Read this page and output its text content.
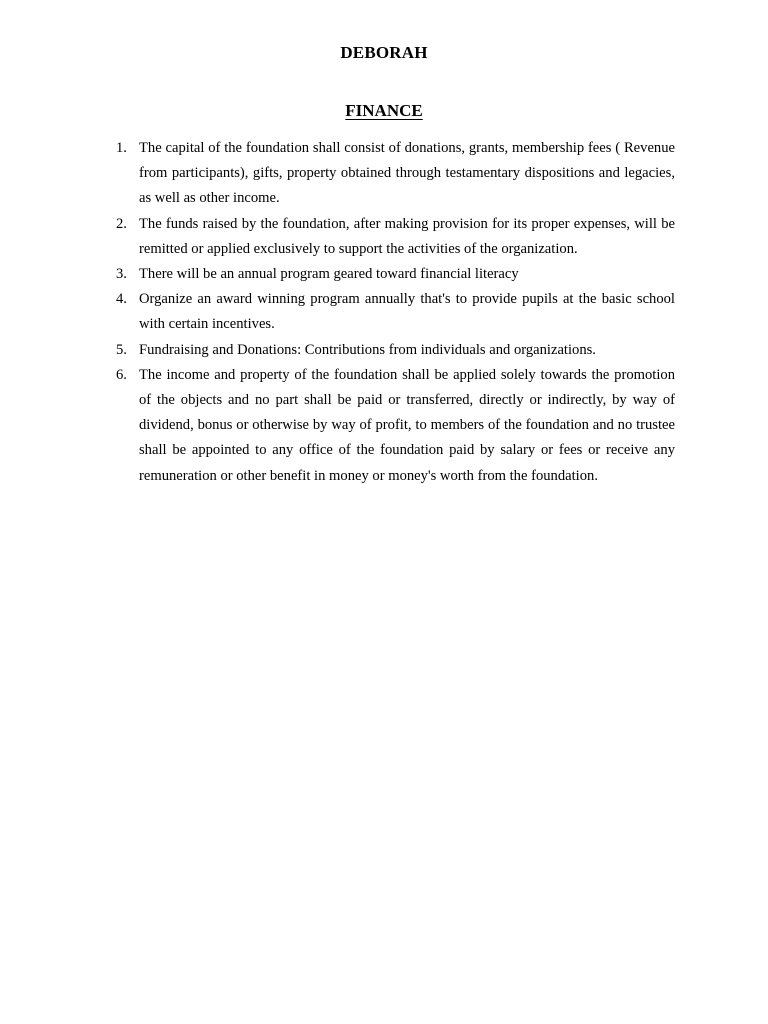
DEBORAH
FINANCE
1. The capital of the foundation shall consist of donations, grants, membership fees ( Revenue from participants), gifts, property obtained through testamentary dispositions and legacies, as well as other income.
2. The funds raised by the foundation, after making provision for its proper expenses, will be remitted or applied exclusively to support the activities of the organization.
3. There will be an annual program geared toward financial literacy
4. Organize an award winning program annually that's to provide pupils at the basic school with certain incentives.
5. Fundraising and Donations: Contributions from individuals and organizations.
6. The income and property of the foundation shall be applied solely towards the promotion of the objects and no part shall be paid or transferred, directly or indirectly, by way of dividend, bonus or otherwise by way of profit, to members of the foundation and no trustee shall be appointed to any office of the foundation paid by salary or fees or receive any remuneration or other benefit in money or money's worth from the foundation.
